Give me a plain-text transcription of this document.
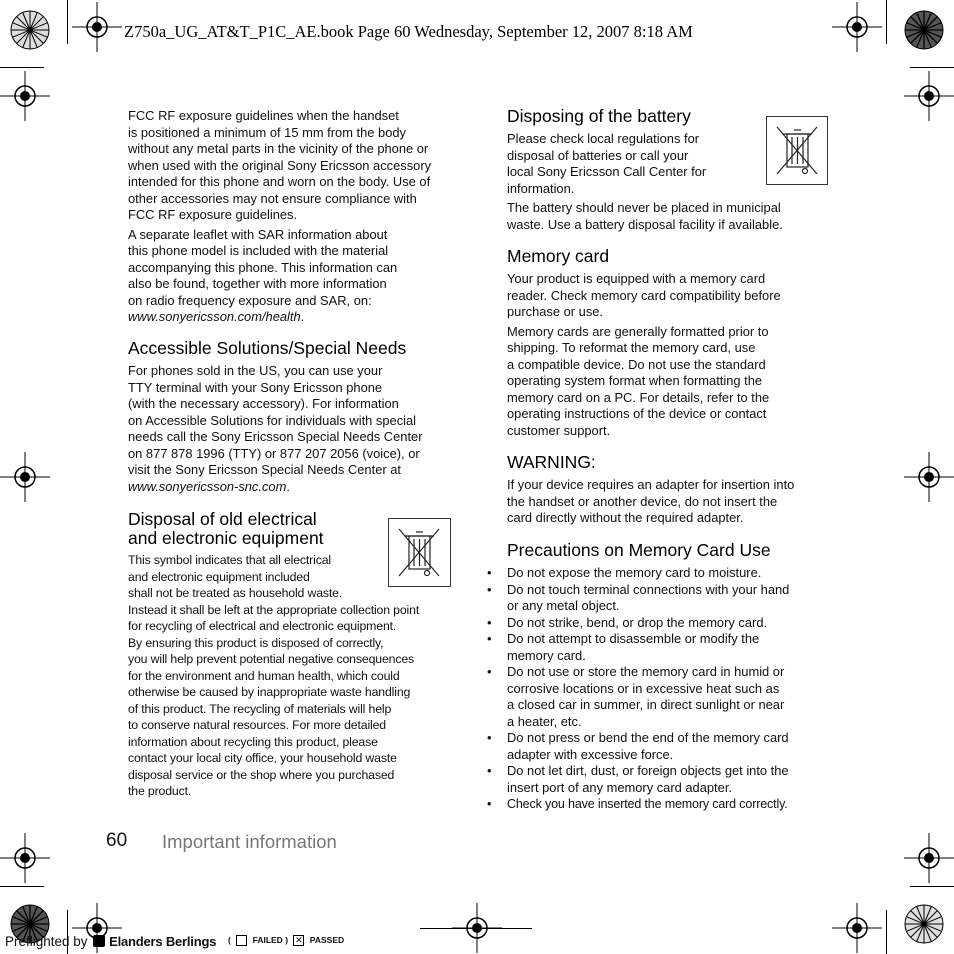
Z750a_UG_AT&T_P1C_AE.book Page 60 Wednesday, September 12, 2007 8:18 AM

FCC RF exposure guidelines when the handset
is positioned a minimum of 15 mm from the body
without any metal parts in the vicinity of the phone or
when used with the original Sony Ericsson accessory
intended for this phone and worn on the body. Use of
other accessories may not ensure compliance with
FCC RF exposure guidelines.

A separate leaflet with SAR information about
this phone model is included with the material
accompanying this phone. This information can
also be found, together with more information
on radio frequency exposure and SAR, on:
www.sonyericsson.com/health.

Accessible Solutions/Special Needs

For phones sold in the US, you can use your
TTY terminal with your Sony Ericsson phone
(with the necessary accessory). For information
on Accessible Solutions for individuals with special
needs call the Sony Ericsson Special Needs Center
on 877 878 1996 (TTY) or 877 207 2056 (voice), or
visit the Sony Ericsson Special Needs Center at
www.sonyericsson-snc.com.

Disposal of old electrical
and electronic equipment
This symbol indicates that all electrical
and electronic equipment included
shall not be treated as household waste.
Instead it shall be left at the appropriate collection point
for recycling of electrical and electronic equipment.
By ensuring this product is disposed of correctly,
you will help prevent potential negative consequences
for the environment and human health, which could
otherwise be caused by inappropriate waste handling
of this product. The recycling of materials will help
to conserve natural resources. For more detailed
information about recycling this product, please
contact your local city office, your household waste
disposal service or the shop where you purchased
the product.
Disposing of the battery

Please check local regulations for
disposal of batteries or call your
local Sony Ericsson Call Center for
information.

The battery should never be placed in municipal
waste. Use a battery disposal facility if available.

Memory card

Your product is equipped with a memory card
reader. Check memory card compatibility before
purchase or use.

Memory cards are generally formatted prior to
shipping. To reformat the memory card, use
a compatible device. Do not use the standard
operating system format when formatting the
memory card on a PC. For details, refer to the
operating instructions of the device or contact
customer support.

WARNING:
If your device requires an adapter for insertion into
the handset or another device, do not insert the
card directly without the required adapter.
Precautions on Memory Card Use
• Do not expose the memory card to moisture.
• Do not touch terminal connections with your hand
or any metal object.
• Do not strike, bend, or drop the memory card.
• Do not attempt to disassemble or modify the
memory card.
• Do not use or store the memory card in humid or
corrosive locations or in excessive heat such as
a closed car in summer, in direct sunlight or near
a heater, etc.
• Do not press or bend the end of the memory card
adapter with excessive force.
• Do not let dirt, dust, or foreign objects get into the
insert port of any memory card adapter.
• Check you have inserted the memory card correctly.
60 Important information
Preflighted by Elanders Berlings (	FAILED ) ✕ PASSED
